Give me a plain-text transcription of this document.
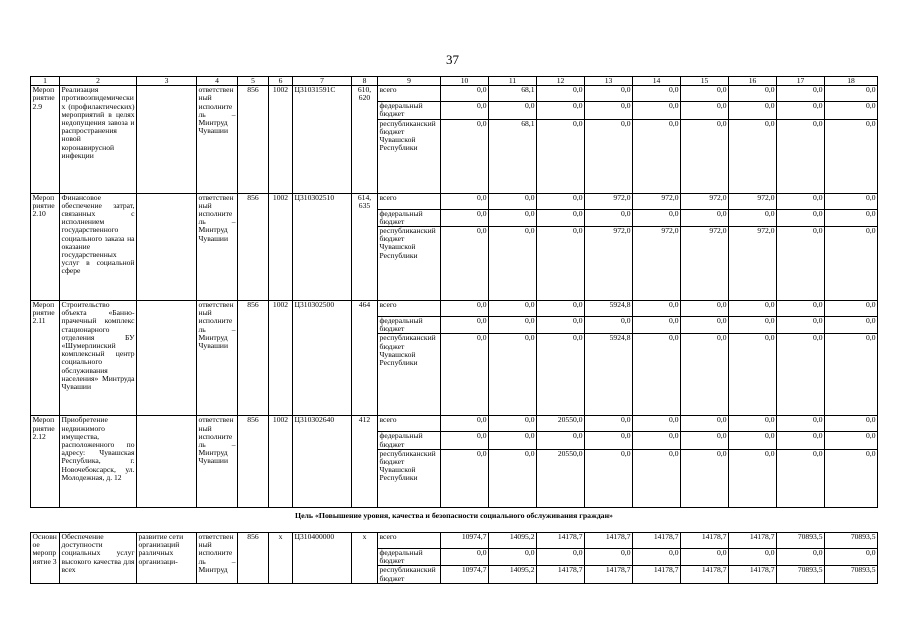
37
1	2	3	4	5	6	7	8	9	10	11	12	13	14	15	16	17	18
Мероприятие 2.9	Реализация противоэпидемических (профилактических) мероприятий в целях недопущения завоза и распространения новой коронавирусной инфекции		ответственный исполнитель – Минтруд Чувашии	856	1002	Ц31031591С	610, 620	всего	0,0	68,1	0,0	0,0	0,0	0,0	0,0	0,0	0,0
								федеральный бюджет	0,0	0,0	0,0	0,0	0,0	0,0	0,0	0,0	0,0
								республиканский бюджет Чувашской Республики	0,0	68,1	0,0	0,0	0,0	0,0	0,0	0,0	0,0
Мероприятие 2.10	Финансовое обеспечение затрат, связанных с исполнением государственного социального заказа на оказание государственных услуг в социальной сфере		ответственный исполнитель – Минтруд Чувашии	856	1002	Ц310302510	614, 635	всего	0,0	0,0	0,0	972,0	972,0	972,0	972,0	0,0	0,0
								федеральный бюджет	0,0	0,0	0,0	0,0	0,0	0,0	0,0	0,0	0,0
								республиканский бюджет Чувашской Республики	0,0	0,0	0,0	972,0	972,0	972,0	972,0	0,0	0,0
Мероприятие 2.11	Строительство объекта «Банно-прачечный комплекс стационарного отделения БУ «Шумерлинский комплексный центр социального обслуживания населения» Минтруда Чувашии		ответственный исполнитель – Минтруд Чувашии	856	1002	Ц310302500	464	всего	0,0	0,0	0,0	5924,8	0,0	0,0	0,0	0,0	0,0
								федеральный бюджет	0,0	0,0	0,0	0,0	0,0	0,0	0,0	0,0	0,0
								республиканский бюджет Чувашской Республики	0,0	0,0	0,0	5924,8	0,0	0,0	0,0	0,0	0,0
Мероприятие 2.12	Приобретение недвижимого имущества, расположенного по адресу: Чувашская Республика, г. Новочебоксарск, ул. Молодежная, д. 12		ответственный исполнитель – Минтруд Чувашии	856	1002	Ц310302640	412	всего	0,0	0,0	20550,0	0,0	0,0	0,0	0,0	0,0	0,0
								федеральный бюджет	0,0	0,0	0,0	0,0	0,0	0,0	0,0	0,0	0,0
								республиканский бюджет Чувашской Республики	0,0	0,0	20550,0	0,0	0,0	0,0	0,0	0,0	0,0
Цель «Повышение уровня, качества и безопасности социального обслуживания граждан»																	
Основное мероприятие 3	Обеспечение доступности социальных услуг высокого качества для всех	развитие сети организаций различных организаци-	ответственный исполнитель – Минтруд	856	х	Ц310400000	х	всего	10974,7	14095,2	14178,7	14178,7	14178,7	14178,7	14178,7	70893,5	70893,5
								федеральный бюджет	0,0	0,0	0,0	0,0	0,0	0,0	0,0	0,0	0,0
								республиканский бюджет	10974,7	14095,2	14178,7	14178,7	14178,7	14178,7	14178,7	70893,5	70893,5
